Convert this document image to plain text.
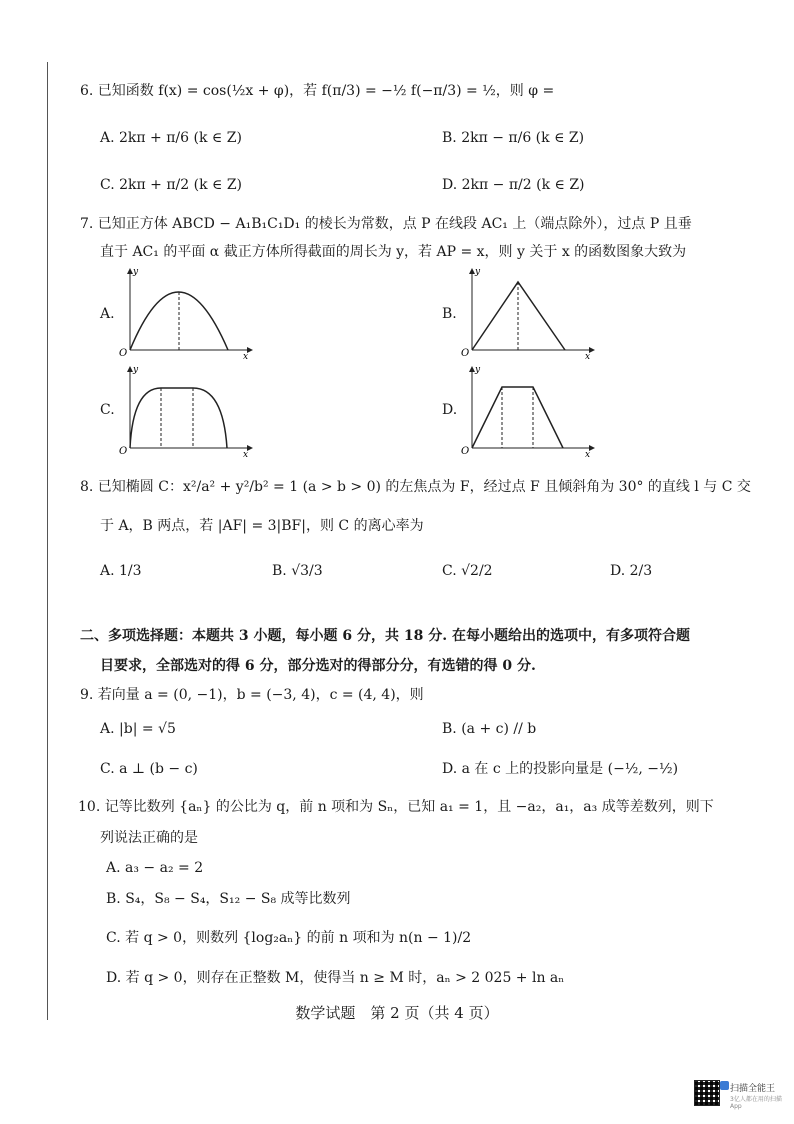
6. 已知函数 f(x) = cos(½x + φ)，若 f(π/3) = −½ f(−π/3) = ½，则 φ =
A. 2kπ + π/6 (k ∈ Z)	B. 2kπ − π/6 (k ∈ Z)
C. 2kπ + π/2 (k ∈ Z)	D. 2kπ − π/2 (k ∈ Z)
7. 已知正方体 ABCD − A₁B₁C₁D₁ 的棱长为常数，点 P 在线段 AC₁ 上（端点除外），过点 P 且垂
直于 AC₁ 的平面 α 截正方体所得截面的周长为 y，若 AP = x，则 y 关于 x 的函数图象大致为
A.
O
y
x
B.
O
y
x
C.
O
y
x
D.
O
y
x
8. 已知椭圆 C：x²/a² + y²/b² = 1 (a > b > 0) 的左焦点为 F，经过点 F 且倾斜角为 30° 的直线 l 与 C 交
于 A，B 两点，若 |AF| = 3|BF|，则 C 的离心率为
A. 1/3	B. √3/3	C. √2/2	D. 2/3
二、多项选择题：本题共 3 小题，每小题 6 分，共 18 分. 在每小题给出的选项中，有多项符合题
目要求，全部选对的得 6 分，部分选对的得部分分，有选错的得 0 分.
9. 若向量 a = (0, −1)，b = (−3, 4)，c = (4, 4)，则
A. |b| = √5	B. (a + c) // b
C. a ⊥ (b − c)	D. a 在 c 上的投影向量是 (−½, −½)
10. 记等比数列 {aₙ} 的公比为 q，前 n 项和为 Sₙ，已知 a₁ = 1，且 −a₂，a₁，a₃ 成等差数列，则下
列说法正确的是
A. a₃ − a₂ = 2
B. S₄，S₈ − S₄，S₁₂ − S₈ 成等比数列
C. 若 q > 0，则数列 {log₂aₙ} 的前 n 项和为 n(n − 1)/2
D. 若 q > 0，则存在正整数 M，使得当 n ≥ M 时，aₙ > 2 025 + ln aₙ
数学试题　第 2 页（共 4 页）
扫描全能王
3亿人都在用的扫描App
